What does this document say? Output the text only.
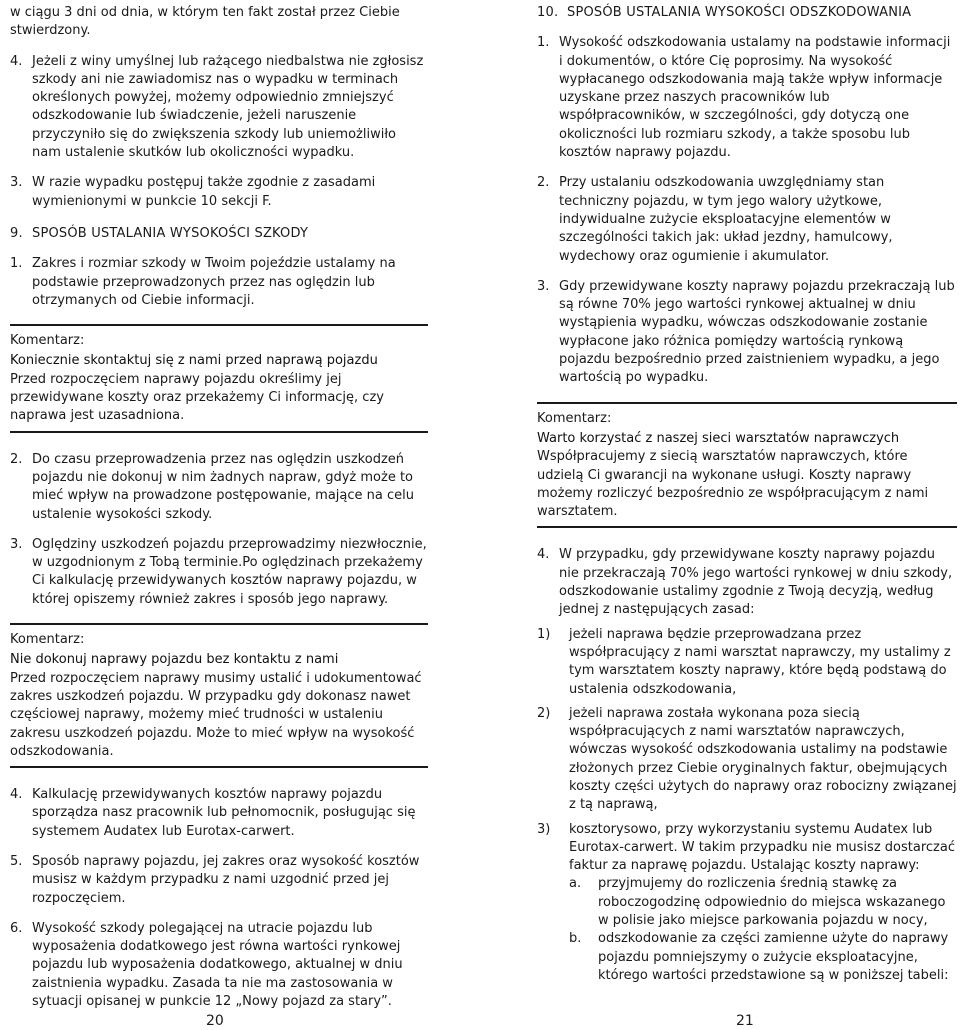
w ciągu 3 dni od dnia, w którym ten fakt został przez Ciebie stwierdzony.

4. Jeżeli z winy umyślnej lub rażącego niedbalstwa nie zgłosisz szkody ani nie zawiadomisz nas o wypadku w terminach określonych powyżej, możemy odpowiednio zmniejszyć odszkodowanie lub świadczenie, jeżeli naruszenie przyczyniło się do zwiększenia szkody lub uniemożliwiło nam ustalenie skutków lub okoliczności wypadku.
3. W razie wypadku postępuj także zgodnie z zasadami wymienionymi w punkcie 10 sekcji F.
9. SPOSÓB USTALANIA WYSOKOŚCI SZKODY
1. Zakres i rozmiar szkody w Twoim pojeździe ustalamy na podstawie przeprowadzonych przez nas oględzin lub otrzymanych od Ciebie informacji.
Komentarz:
Koniecznie skontaktuj się z nami przed naprawą pojazdu
Przed rozpoczęciem naprawy pojazdu określimy jej przewidywane koszty oraz przekażemy Ci informację, czy naprawa jest uzasadniona.
2. Do czasu przeprowadzenia przez nas oględzin uszkodzeń pojazdu nie dokonuj w nim żadnych napraw, gdyż może to mieć wpływ na prowadzone postępowanie, mające na celu ustalenie wysokości szkody.
3. Oględziny uszkodzeń pojazdu przeprowadzimy niezwłocznie, w uzgodnionym z Tobą terminie.Po oględzinach przekażemy Ci kalkulację przewidywanych kosztów naprawy pojazdu, w której opiszemy również zakres i sposób jego naprawy.
Komentarz:
Nie dokonuj naprawy pojazdu bez kontaktu z nami
Przed rozpoczęciem naprawy musimy ustalić i udokumentować zakres uszkodzeń pojazdu. W przypadku gdy dokonasz nawet częściowej naprawy, możemy mieć trudności w ustaleniu zakresu uszkodzeń pojazdu. Może to mieć wpływ na wysokość odszkodowania.
4. Kalkulację przewidywanych kosztów naprawy pojazdu sporządza nasz pracownik lub pełnomocnik, posługując się systemem Audatex lub Eurotax-carwert.
5. Sposób naprawy pojazdu, jej zakres oraz wysokość kosztów musisz w każdym przypadku z nami uzgodnić przed jej rozpoczęciem.
6. Wysokość szkody polegającej na utracie pojazdu lub wyposażenia dodatkowego jest równa wartości rynkowej pojazdu lub wyposażenia dodatkowego, aktualnej w dniu zaistnienia wypadku. Zasada ta nie ma zastosowania w sytuacji opisanej w punkcie 12 „Nowy pojazd za stary”.
10. SPOSÓB USTALANIA WYSOKOŚCI ODSZKODOWANIA
1. Wysokość odszkodowania ustalamy na podstawie informacji i dokumentów, o które Cię poprosimy. Na wysokość wypłacanego odszkodowania mają także wpływ informacje uzyskane przez naszych pracowników lub współpracowników, w szczególności, gdy dotyczą one okoliczności lub rozmiaru szkody, a także sposobu lub kosztów naprawy pojazdu.
2. Przy ustalaniu odszkodowania uwzględniamy stan techniczny pojazdu, w tym jego walory użytkowe, indywidualne zużycie eksploatacyjne elementów w szczególności takich jak: układ jezdny, hamulcowy, wydechowy oraz ogumienie i akumulator.
3. Gdy przewidywane koszty naprawy pojazdu przekraczają lub są równe 70% jego wartości rynkowej aktualnej w dniu wystąpienia wypadku, wówczas odszkodowanie zostanie wypłacone jako różnica pomiędzy wartością rynkową pojazdu bezpośrednio przed zaistnieniem wypadku, a jego wartością po wypadku.
Komentarz:
Warto korzystać z naszej sieci warsztatów naprawczych
Współpracujemy z siecią warsztatów naprawczych, które udzielą Ci gwarancji na wykonane usługi. Koszty naprawy możemy rozliczyć bezpośrednio ze współpracującym z nami warsztatem.
4. W przypadku, gdy przewidywane koszty naprawy pojazdu nie przekraczają 70% jego wartości rynkowej w dniu szkody, odszkodowanie ustalimy zgodnie z Twoją decyzją, według jednej z następujących zasad:
1)	jeżeli naprawa będzie przeprowadzana przez współpracujący z nami warsztat naprawczy, my ustalimy z tym warsztatem koszty naprawy, które będą podstawą do ustalenia odszkodowania,
2)	jeżeli naprawa została wykonana poza siecią współpracujących z nami warsztatów naprawczych, wówczas wysokość odszkodowania ustalimy na podstawie złożonych przez Ciebie oryginalnych faktur, obejmujących koszty części użytych do naprawy oraz robocizny związanej z tą naprawą,
3)	kosztorysowo, przy wykorzystaniu systemu Audatex lub Eurotax-carwert. W takim przypadku nie musisz dostarczać faktur za naprawę pojazdu. Ustalając koszty naprawy:
a.	przyjmujemy do rozliczenia średnią stawkę za roboczogodzinę odpowiednio do miejsca wskazanego w polisie jako miejsce parkowania pojazdu w nocy,
b.	odszkodowanie za części zamienne użyte do naprawy pojazdu pomniejszymy o zużycie eksploatacyjne, którego wartości przedstawione są w poniższej tabeli:
20	21
